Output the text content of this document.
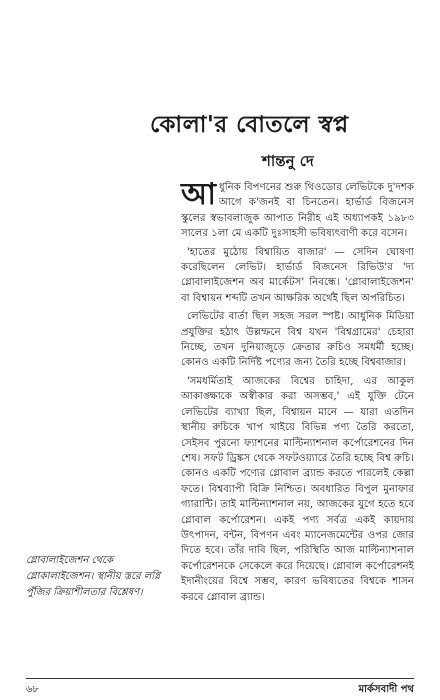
কোলা'র বোতলে স্বপ্ন
শান্তনু দে

আধুনিক বিপণনের শুরু থিওডোর লেভিটকে দু'দশক আগে ক'জনই বা চিনতেন। হার্ভার্ড বিজনেস স্কুলের স্বভাবলাজুক আপাত নিরীহ এই অধ্যাপকই ১৯৮৩ সালের ১লা মে একটি দুঃসাহসী ভবিষ্যৎবাণী করে বসেন।

'হাতের মুঠোয় বিশ্বায়িত বাজার' — সেদিন ঘোষণা করেছিলেন লেভিট। হার্ভার্ড বিজনেস রিভিউ'র 'দ্য গ্লোবালাইজেশন অব মার্কেটস' নিবন্ধে। 'গ্লোবালাইজেশন' বা বিশ্বায়ন শব্দটি তখন আক্ষরিক অর্থেই ছিল অপরিচিত।

লেভিটের বার্তা ছিল সহজ সরল স্পষ্ট। আধুনিক মিডিয়া প্রযুক্তির হঠাৎ উল্লম্ফনে বিশ্ব যখন 'বিশ্বগ্রামের' চেহারা নিচ্ছে, তখন দুনিয়াজুড়ে ক্রেতার রুচিও সমধর্মী হচ্ছে। কোনও একটি নির্দিষ্ট পণ্যের জন্য তৈরি হচ্ছে বিশ্ববাজার।

'সমধর্মিতাই আজকের বিশ্বের চাহিদা, এর আকুল আকাঙ্ক্ষাকে অস্বীকার করা অসম্ভব,' এই যুক্তি টেনে লেভিটের ব্যাখ্যা ছিল, বিশ্বায়ন মানে — যারা এতদিন স্থানীয় রুচিকে খাপ খাইয়ে বিভিন্ন পণ্য তৈরি করতো, সেইসব পুরনো ফ্যাশনের মাল্টিন্যাশনাল কর্পোরেশনের দিন শেষ। সফট ড্রিঙ্কস থেকে সফটওয়্যারে তৈরি হচ্ছে বিশ্ব রুচি। কোনও একটি পণ্যের গ্লোবাল ব্র্যান্ড করতে পারলেই কেল্লা ফতে। বিশ্বব্যাপী বিক্রি নিশ্চিত। অবধারিত বিপুল মুনাফার গ্যারান্টি। তাই মাল্টিন্যাশনাল নয়, আজকের যুগে হতে হবে গ্লোবাল কর্পোরেশন। একই পণ্য সর্বত্র একই কায়দায় উৎপাদন, বন্টন, বিপণন এবং ম্যানেজমেন্টের ওপর জোর দিতে হবে। তাঁর দাবি ছিল, পরিস্থিতি আজ মাল্টিন্যাশনাল কর্পোরেশনকে সেকেলে করে দিয়েছে। গ্লোবাল কর্পোরেশনই ইদানীংয়ের বিশ্বে সম্ভব, কারণ ভবিষ্যতের বিশ্বকে শাসন করবে গ্লোবাল ব্র্যান্ড।

গ্লোবালাইজেশন থেকে গ্লোকালাইজেশন। স্থানীয় স্তরে লগ্নি পুঁজির ক্রিয়াশীলতার বিশ্লেষণ।
৬৮	মার্কসবাদী পথ
